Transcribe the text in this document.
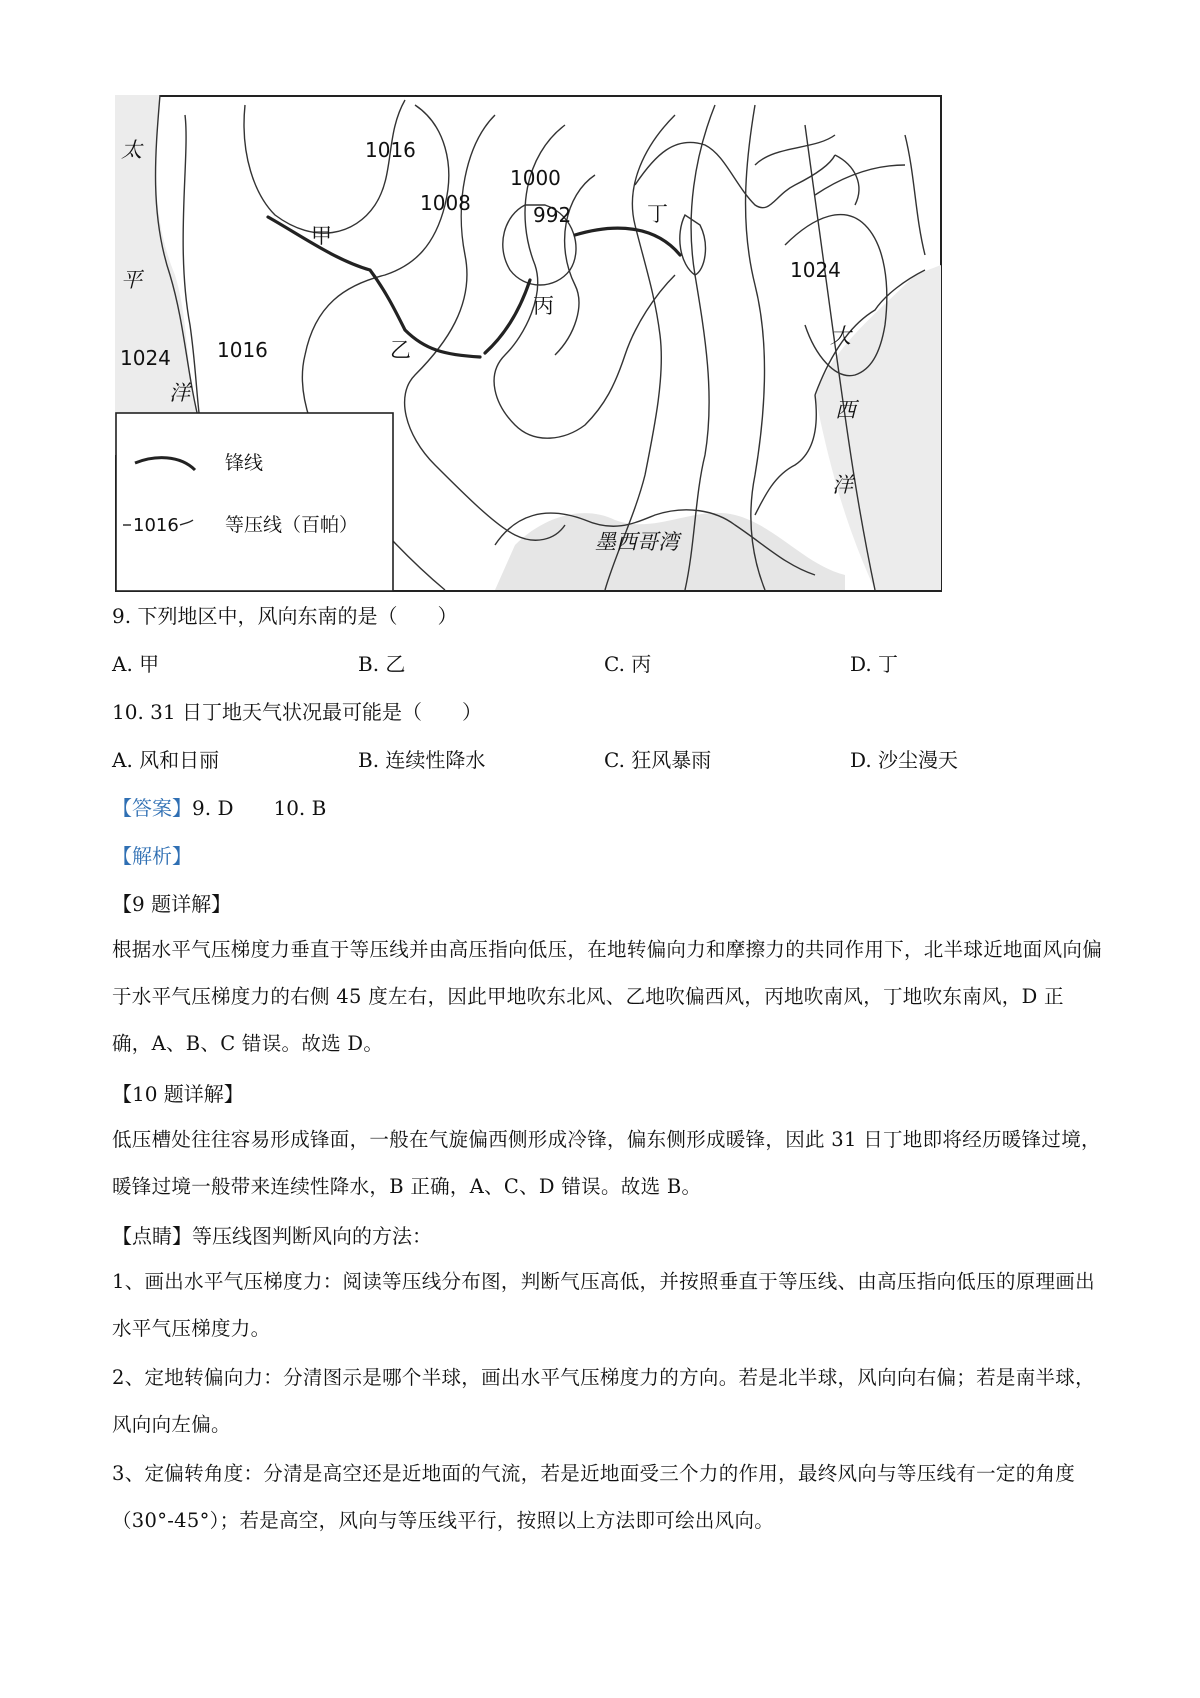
锋线
1016 等压线（百帕）
1016
1008
1000
992
1024 1016
1024
甲
乙
丙
丁
太
平
洋
大
西
洋
墨西哥湾
9. 下列地区中，风向东南的是（　　）
A. 甲	B. 乙	C. 丙	D. 丁
10. 31 日丁地天气状况最可能是（　　）
A. 风和日丽	B. 连续性降水	C. 狂风暴雨	D. 沙尘漫天
【答案】9. D　　10. B
【解析】
【9 题详解】
根据水平气压梯度力垂直于等压线并由高压指向低压，在地转偏向力和摩擦力的共同作用下，北半球近地面风向偏于水平气压梯度力的右侧 45 度左右，因此甲地吹东北风、乙地吹偏西风，丙地吹南风，丁地吹东南风，D 正确，A、B、C 错误。故选 D。
【10 题详解】
低压槽处往往容易形成锋面，一般在气旋偏西侧形成冷锋，偏东侧形成暖锋，因此 31 日丁地即将经历暖锋过境，暖锋过境一般带来连续性降水，B 正确，A、C、D 错误。故选 B。
【点睛】等压线图判断风向的方法：
1、画出水平气压梯度力：阅读等压线分布图，判断气压高低，并按照垂直于等压线、由高压指向低压的原理画出水平气压梯度力。
2、定地转偏向力：分清图示是哪个半球，画出水平气压梯度力的方向。若是北半球，风向向右偏；若是南半球，风向向左偏。
3、定偏转角度：分清是高空还是近地面的气流，若是近地面受三个力的作用，最终风向与等压线有一定的角度（30°-45°）；若是高空，风向与等压线平行，按照以上方法即可绘出风向。
